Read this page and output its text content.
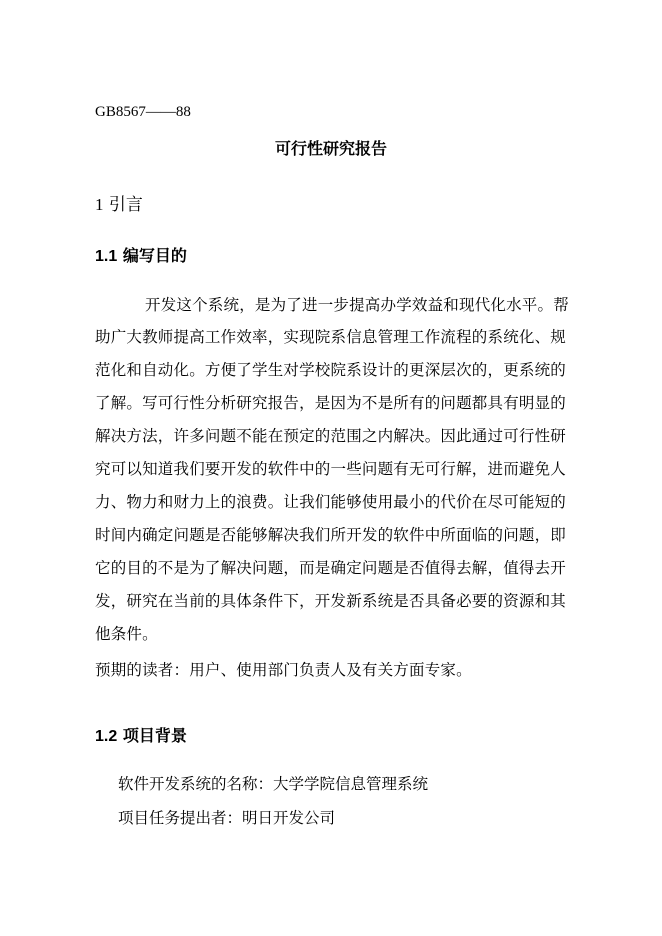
GB8567——88
可行性研究报告
1 引言
1.1 编写目的
开发这个系统，是为了进一步提高办学效益和现代化水平。帮
助广大教师提高工作效率，实现院系信息管理工作流程的系统化、规
范化和自动化。方便了学生对学校院系设计的更深层次的，更系统的
了解。写可行性分析研究报告，是因为不是所有的问题都具有明显的
解决方法，许多问题不能在预定的范围之内解决。因此通过可行性研
究可以知道我们要开发的软件中的一些问题有无可行解，进而避免人
力、物力和财力上的浪费。让我们能够使用最小的代价在尽可能短的
时间内确定问题是否能够解决我们所开发的软件中所面临的问题，即
它的目的不是为了解决问题，而是确定问题是否值得去解，值得去开
发，研究在当前的具体条件下，开发新系统是否具备必要的资源和其
他条件。
预期的读者：用户、使用部门负责人及有关方面专家。
1.2 项目背景
软件开发系统的名称：大学学院信息管理系统
项目任务提出者：明日开发公司
